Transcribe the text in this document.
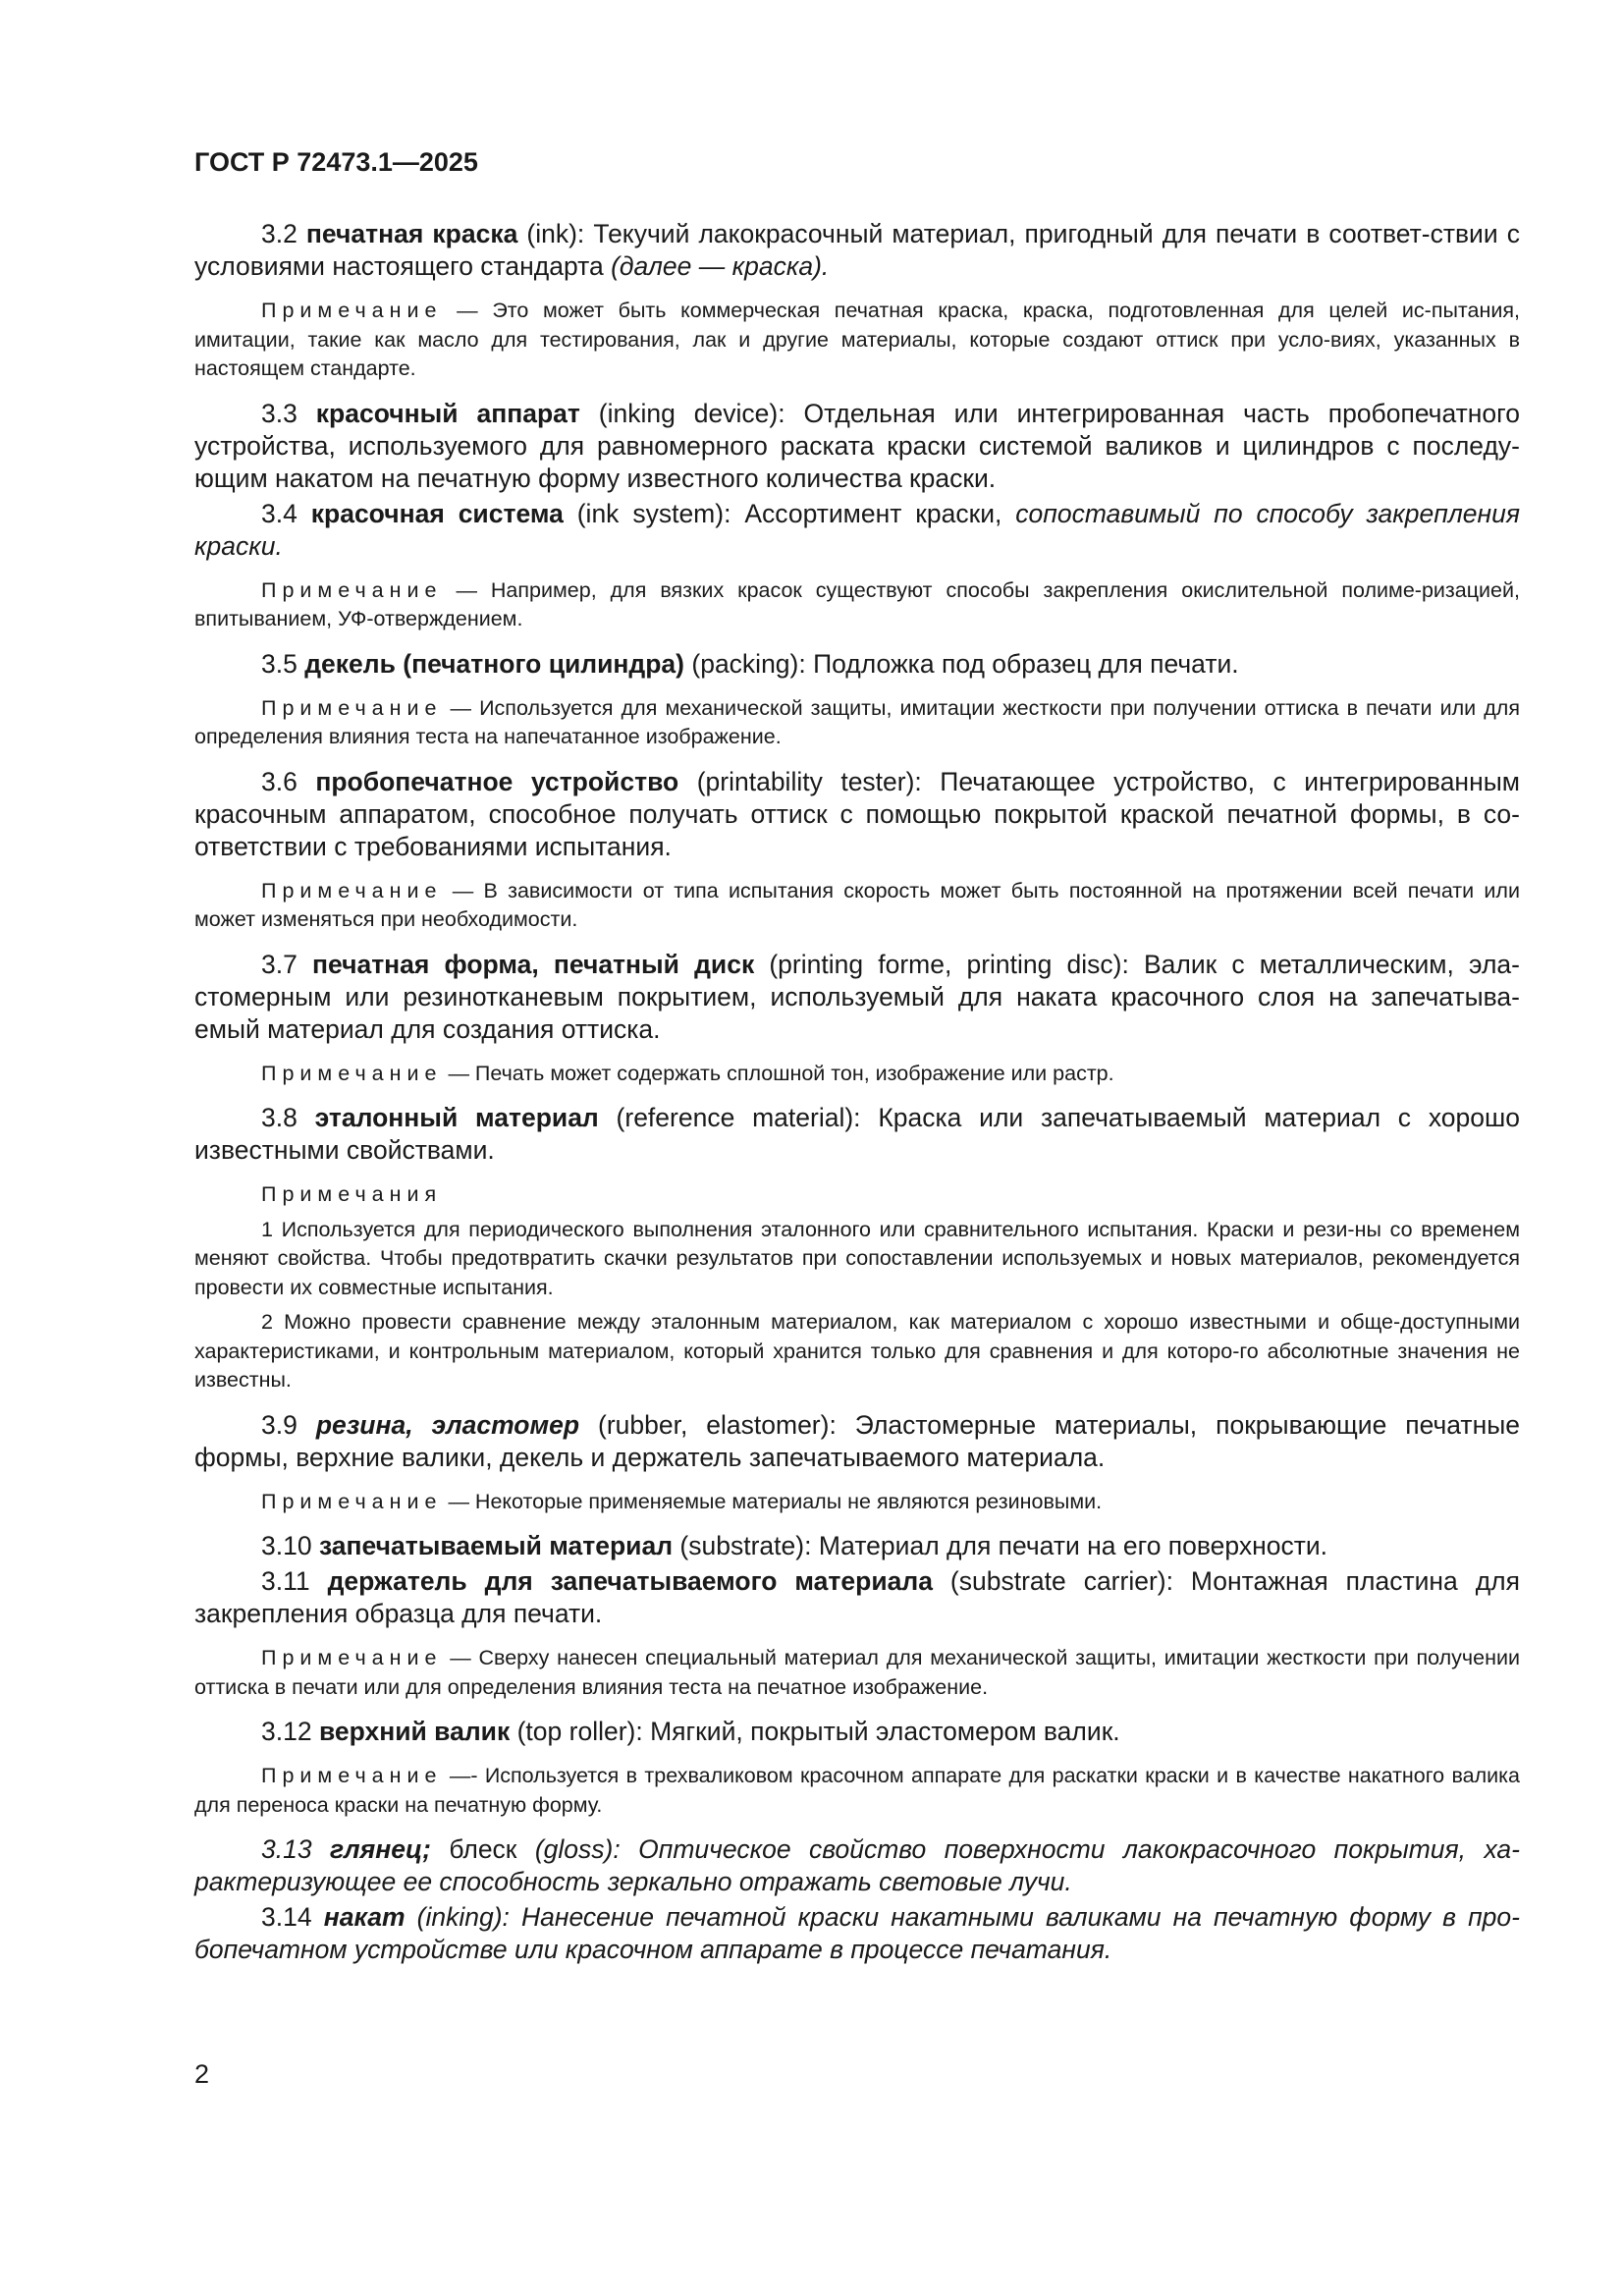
ГОСТ Р 72473.1—2025

3.2 печатная краска (ink): Текучий лакокрасочный материал, пригодный для печати в соответ-ствии с условиями настоящего стандарта (далее — краска).

Примечание — Это может быть коммерческая печатная краска, краска, подготовленная для целей ис-пытания, имитации, такие как масло для тестирования, лак и другие материалы, которые создают оттиск при усло-виях, указанных в настоящем стандарте.

3.3 красочный аппарат (inking device): Отдельная или интегрированная часть пробопечатного устройства, используемого для равномерного раската краски системой валиков и цилиндров с последу-ющим накатом на печатную форму известного количества краски.

3.4 красочная система (ink system): Ассортимент краски, сопоставимый по способу закрепления краски.

Примечание — Например, для вязких красок существуют способы закрепления окислительной полиме-ризацией, впитыванием, УФ-отверждением.

3.5 декель (печатного цилиндра) (packing): Подложка под образец для печати.

Примечание — Используется для механической защиты, имитации жесткости при получении оттиска в печати или для определения влияния теста на напечатанное изображение.

3.6 пробопечатное устройство (printability tester): Печатающее устройство, с интегрированным красочным аппаратом, способное получать оттиск с помощью покрытой краской печатной формы, в со-ответствии с требованиями испытания.

Примечание — В зависимости от типа испытания скорость может быть постоянной на протяжении всей печати или может изменяться при необходимости.

3.7 печатная форма, печатный диск (printing forme, printing disc): Валик с металлическим, эла-стомерным или резинотканевым покрытием, используемый для наката красочного слоя на запечатыва-емый материал для создания оттиска.

Примечание — Печать может содержать сплошной тон, изображение или растр.

3.8 эталонный материал (reference material): Краска или запечатываемый материал с хорошо известными свойствами.

Примечания

1 Используется для периодического выполнения эталонного или сравнительного испытания. Краски и рези-ны со временем меняют свойства. Чтобы предотвратить скачки результатов при сопоставлении используемых и новых материалов, рекомендуется провести их совместные испытания.

2 Можно провести сравнение между эталонным материалом, как материалом с хорошо известными и обще-доступными характеристиками, и контрольным материалом, который хранится только для сравнения и для которо-го абсолютные значения не известны.

3.9 резина, эластомер (rubber, elastomer): Эластомерные материалы, покрывающие печатные формы, верхние валики, декель и держатель запечатываемого материала.

Примечание — Некоторые применяемые материалы не являются резиновыми.

3.10 запечатываемый материал (substrate): Материал для печати на его поверхности.

3.11 держатель для запечатываемого материала (substrate carrier): Монтажная пластина для закрепления образца для печати.

Примечание — Сверху нанесен специальный материал для механической защиты, имитации жесткости при получении оттиска в печати или для определения влияния теста на печатное изображение.

3.12 верхний валик (top roller): Мягкий, покрытый эластомером валик.

Примечание —- Используется в трехваликовом красочном аппарате для раскатки краски и в качестве накатного валика для переноса краски на печатную форму.

3.13 глянец; блеск (gloss): Оптическое свойство поверхности лакокрасочного покрытия, ха-рактеризующее ее способность зеркально отражать световые лучи.

3.14 накат (inking): Нанесение печатной краски накатными валиками на печатную форму в про-бопечатном устройстве или красочном аппарате в процессе печатания.

2
